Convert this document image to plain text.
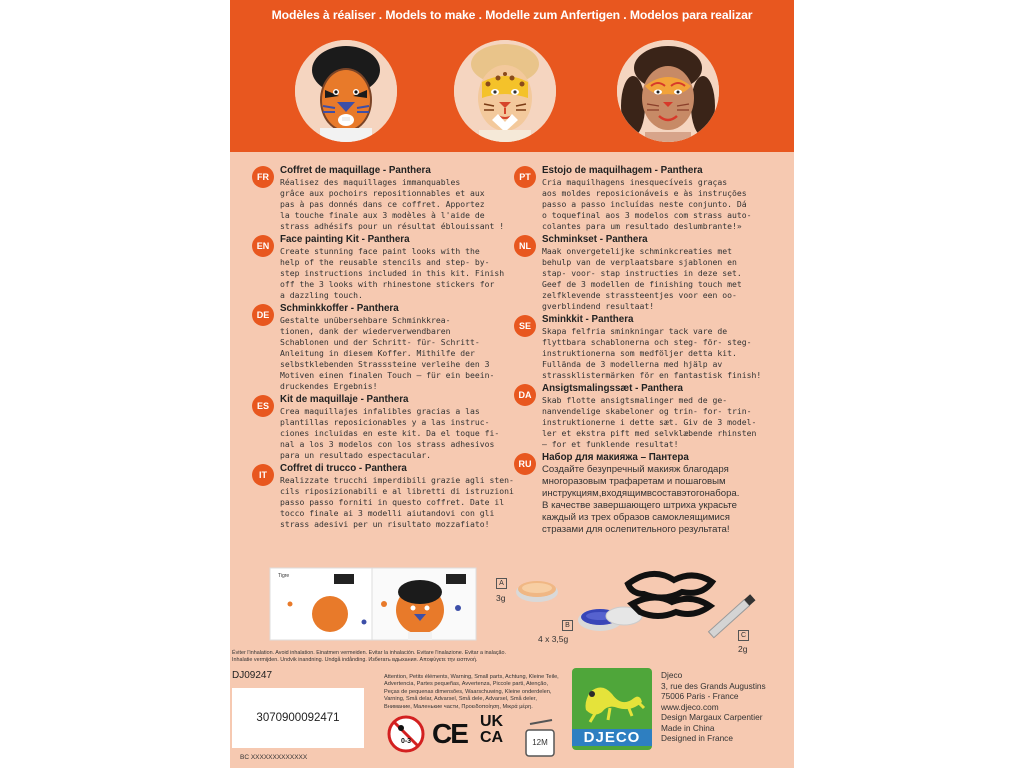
Modèles à réaliser . Models to make . Modelle zum Anfertigen . Modelos para realizar
FR
Coffret de maquillage - Panthera
Réalisez des maquillages immanquables
grâce aux pochoirs repositionnables et aux
pas à pas donnés dans ce coffret. Apportez
la touche finale aux 3 modèles à l'aide de
strass adhésifs pour un résultat éblouissant !
EN
Face painting Kit - Panthera
Create stunning face paint looks with the
help of the reusable stencils and step- by-
step instructions included in this kit. Finish
off the 3 looks with rhinestone stickers for
a dazzling touch.
DE
Schminkkoffer - Panthera
Gestalte unübersehbare Schminkkrea-
tionen, dank der wiederverwendbaren
Schablonen und der Schritt- für- Schritt-
Anleitung in diesem Koffer. Mithilfe der
selbstklebenden Strasssteine verleihe den 3
Motiven einen finalen Touch – für ein beein-
druckendes Ergebnis!
ES
Kit de maquillaje - Panthera
Crea maquillajes infalibles gracias a las
plantillas reposicionables y a las instruc-
ciones incluidas en este kit. Da el toque fi-
nal a los 3 modelos con los strass adhesivos
para un resultado espectacular.
IT
Coffret di trucco - Panthera
Realizzate trucchi imperdibili grazie agli sten-
cils riposizionabili e al libretti di istruzioni
passo passo forniti in questo coffret. Date il
tocco finale ai 3 modelli aiutandovi con gli
strass adesivi per un risultato mozzafiato!
PT
Estojo de maquilhagem - Panthera
Cria maquilhagens inesquecíveis graças
aos moldes reposicionáveis e às instruções
passo a passo incluídas neste conjunto. Dá
o toquefinal aos 3 modelos com strass auto-
colantes para um resultado deslumbrante!»
NL
Schminkset - Panthera
Maak onvergetelijke schminkcreaties met
behulp van de verplaatsbare sjablonen en
stap- voor- stap instructies in deze set.
Geef de 3 modellen de finishing touch met
zelfklevende strassteentjes voor een oo-
gverblindend resultaat!
SE
Sminkkit - Panthera
Skapa felfria sminkningar tack vare de
flyttbara schablonerna och steg- för- steg-
instruktionerna som medföljer detta kit.
Fulländа de 3 modellerna med hjälp av
strassklistermärken för en fantastisk finish!
DA
Ansigtsmalingssæt - Panthera
Skab flotte ansigtsmalinger med de ge-
nanvendelige skabeloner og trin- for- trin-
instruktionerne i dette sæt. Giv de 3 model-
ler et ekstra pift med selvklæbende rhinsten
– for et funklende resultat!
RU
Набор для макияжа – Пантера
Создайте безупречный макияж благодаря
многоразовым трафаретам и пошаговым
инструкциям,входящимвсоставэтогонабора.
В качестве завершающего штриха украсьте
каждый из трех образов самоклеящимися
стразами для ослепительного результата!
Tigre
A
3g
B
4 x 3,5g	C
2g
Éviter l'inhalation. Avoid inhalation. Einatmen vermeiden. Evitar la inhalación. Evitare l'inalazione. Evitar a inalação.
Inhalatie vermijden. Undvik inandning. Undgå indånding. Избегать вдыхания. Αποφύγετε την εισπνοή.
DJ09247
3070900092471
BC XXXXXXXXXXXXX
Attention, Petits éléments, Warning, Small parts, Achtung, Kleine Teile,
Advertencia, Partes pequeñas, Avvertenza, Piccole parti, Atenção,
Peças de pequenas dimensões, Waarschuwing, Kleine onderdelen,
Varning, Små delar, Advarsel, Små dele, Advarsel, Små deler,
Внимание, Маленькие части, Προειδοποίηση, Μικρά μέρη.
0-3 CE UK CA	12M	DJECO
Djeco
3, rue des Grands Augustins
75006 Paris - France
www.djeco.com
Design Margaux Carpentier
Made in China
Designed in France
